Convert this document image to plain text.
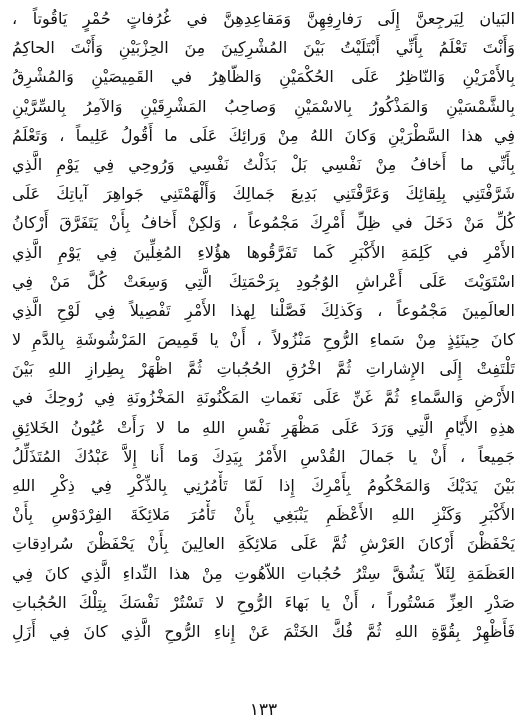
البَيان لِيَرجِعنَّ إِلَى رَفارِفِهِنَّ وَمَقاعِدِهِنَّ في غُرُفاتٍ حُمْرٍ يَاقُوتاً ،
وَأَنْتَ تَعْلَمُ بِأَنِّي أَبْتَلَيْتُ بَيْنَ المُشْرِكِينَ مِنَ الحِزْبَيْنِ وَأَنْتَ الحاكِمُ
بِالأَمْرَيْنِ وَالنّاظِرُ عَلَى الحُكْمَيْنِ وَالظّاهِرُ في القَمِيصَيْنِ وَالمُشْرِقُ
بِالشَّمْسَيْنِ وَالمَذْكُورُ بِالاسْمَيْنِ وَصاحِبُ المَشْرِقَيْنِ وَالآمِرُ بِالسِّرَّيْنِ
فِي هذا السَّطْرَيْنِ وَكانَ اللهُ مِنْ وَرائِكَ عَلَى ما أَقُولُ عَلِيماً ، وَتَعْلَمُ
بِأَنِّي ما أَخافُ مِنْ نَفْسِي بَلْ بَذَلْتُ نَفْسِي وَرُوحِي فِي يَوْمِ الَّذِي
شَرَّفْتَنِي بِلِقائِكَ وَعَرَّفْتَنِي بَدِيعَ جَمالِكَ وَأَلْهَمْتَنِي جَواهِرَ آياتِكَ عَلَى
كُلِّ مَنْ دَخَلَ في ظِلِّ أَمْرِكَ مَجْمُوعاً ، وَلكِنْ أَخافُ بِأَنْ يَتَفَرَّقَ أَرْكانُ
الأَمْرِ في كَلِمَةِ الأَكْبَرِ كَما تَفَرَّقُوها هؤُلاءِ المُغِلِّينَ فِي يَوْمِ الَّذِي
اسْتَوَيْتَ عَلَى أَعْراشِ الوُجُودِ بِرَحْمَتِكَ الَّتِي وَسِعَتْ كُلَّ مَنْ فِي
العالَمِينَ مَجْمُوعاً ، وَكَذلِكَ فَصَّلْنا لِهذا الأَمْرِ تَفْصِيلاً فِي لَوْحِ الَّذِي
كانَ حِينَئِذٍ مِنْ سَماءِ الرُّوحِ مَنْزُولاً ، أَنْ يا قَمِيصَ المَرْشُوشَةِ بِالدَّمِ لا
تَلْتَفِتْ إِلَى الإِشاراتِ ثُمَّ اخْرُقِ الحُجُباتِ ثُمَّ اظْهَرْ بِطِرازِ اللهِ بَيْنَ
الأَرْضِ وَالسَّماءِ ثُمَّ غَنِّ عَلَى نَغَماتِ المَكْنُونَةِ المَخْزُونَةِ فِي رُوحِكَ في
هذِهِ الأَيّامِ الَّتِي وَرَدَ عَلَى مَظْهَرِ نَفْسِ اللهِ ما لا رَأَتْ عُيُونُ الخَلائِقِ
جَمِيعاً ، أَنْ يا جَمالَ القُدْسِ الأَمْرُ بِيَدِكَ وَما أَنا إِلاَّ عَبْدُكَ المُتَذَلِّلُ
بَيْنَ يَدَيْكَ وَالمَحْكُومُ بِأَمْرِكَ إِذا لَمّا تَأْمُرُنِي بِالذِّكْرِ فِي ذِكْرِ اللهِ
الأَكْبَرِ وَكَنْزِ اللهِ الأَعْظَمِ يَنْبَغِي بِأَنْ تَأْمُرَ مَلائِكَةَ الفِرْدَوْسِ بِأَنْ
يَحْفَظْنَ أَرْكانَ العَرْشِ ثُمَّ عَلَى مَلائِكَةِ العالِينَ بِأَنْ يَحْفَظْنَ سُرادِقاتِ
العَظَمَةِ لِئَلاّ يَشُقَّ سِتْرُ حُجُباتِ اللاّهُوتِ مِنْ هذا النِّداءِ الَّذِي كانَ فِي
صَدْرِ العِزِّ مَسْتُوراً ، أَنْ يا بَهاءَ الرُّوحِ لا تَسْتُرْ نَفْسَكَ بِتِلْكَ الحُجُباتِ
فَأَظْهِرْ بِقُوَّةِ اللهِ ثُمَّ فُكَّ الخَتْمَ عَنْ إِناءِ الرُّوحِ الَّذِي كانَ فِي أَزَلِ
١٣٣
